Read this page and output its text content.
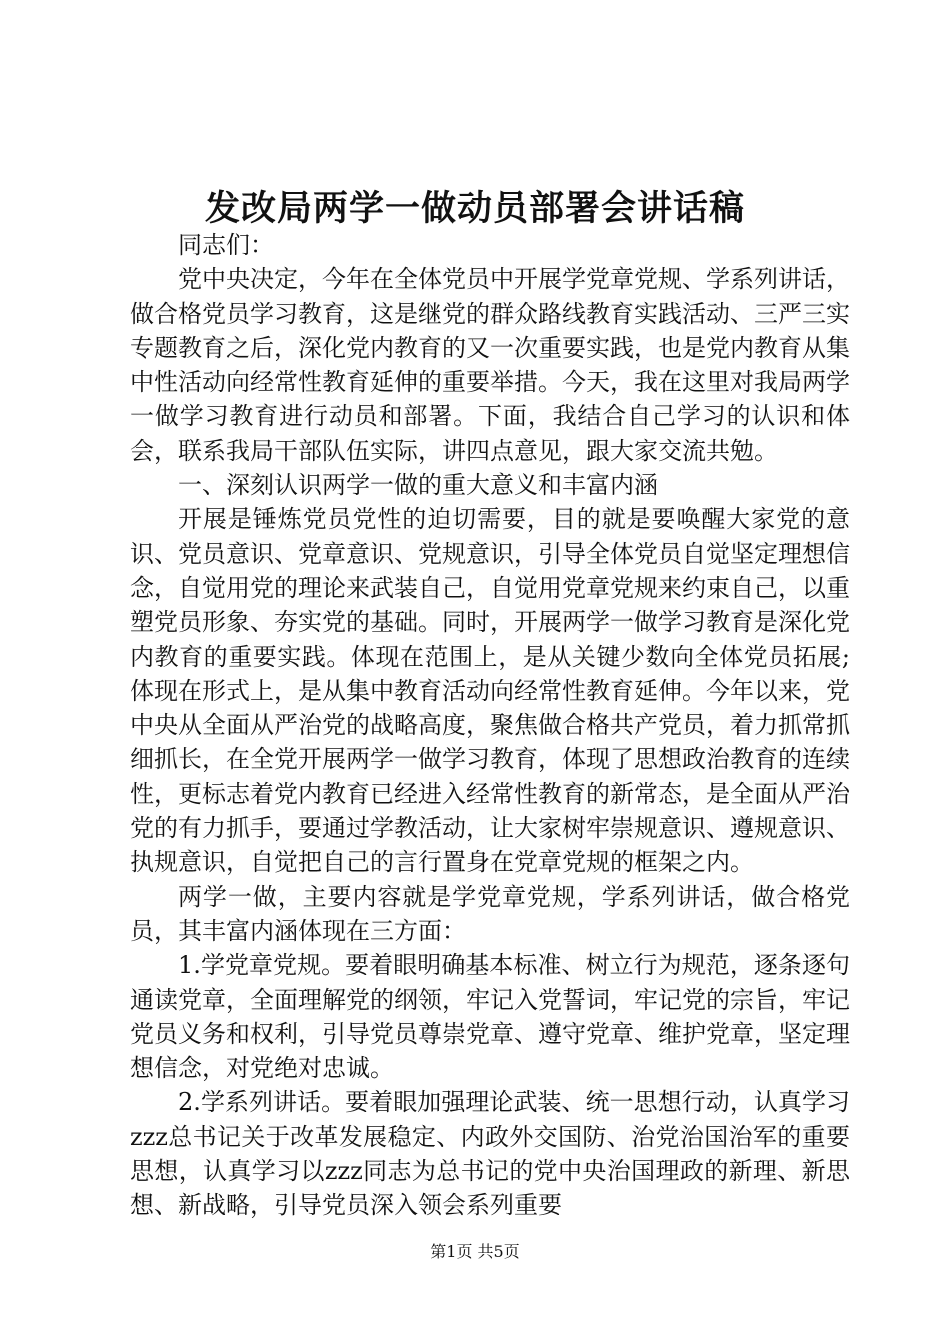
发改局两学一做动员部署会讲话稿

同志们：

党中央决定，今年在全体党员中开展学党章党规、学系列讲话，做合格党员学习教育，这是继党的群众路线教育实践活动、三严三实专题教育之后，深化党内教育的又一次重要实践，也是党内教育从集中性活动向经常性教育延伸的重要举措。今天，我在这里对我局两学一做学习教育进行动员和部署。下面，我结合自己学习的认识和体会，联系我局干部队伍实际，讲四点意见，跟大家交流共勉。

一、深刻认识两学一做的重大意义和丰富内涵

开展是锤炼党员党性的迫切需要，目的就是要唤醒大家党的意识、党员意识、党章意识、党规意识，引导全体党员自觉坚定理想信念，自觉用党的理论来武装自己，自觉用党章党规来约束自己，以重塑党员形象、夯实党的基础。同时，开展两学一做学习教育是深化党内教育的重要实践。体现在范围上，是从关键少数向全体党员拓展;体现在形式上，是从集中教育活动向经常性教育延伸。今年以来，党中央从全面从严治党的战略高度，聚焦做合格共产党员，着力抓常抓细抓长，在全党开展两学一做学习教育，体现了思想政治教育的连续性，更标志着党内教育已经进入经常性教育的新常态，是全面从严治党的有力抓手，要通过学教活动，让大家树牢崇规意识、遵规意识、执规意识，自觉把自己的言行置身在党章党规的框架之内。

两学一做，主要内容就是学党章党规，学系列讲话，做合格党员，其丰富内涵体现在三方面：

1.学党章党规。要着眼明确基本标准、树立行为规范，逐条逐句通读党章，全面理解党的纲领，牢记入党誓词，牢记党的宗旨，牢记党员义务和权利，引导党员尊崇党章、遵守党章、维护党章，坚定理想信念，对党绝对忠诚。

2.学系列讲话。要着眼加强理论武装、统一思想行动，认真学习zzz总书记关于改革发展稳定、内政外交国防、治党治国治军的重要思想，认真学习以zzz同志为总书记的党中央治国理政的新理、新思想、新战略，引导党员深入领会系列重要

第1页 共5页
